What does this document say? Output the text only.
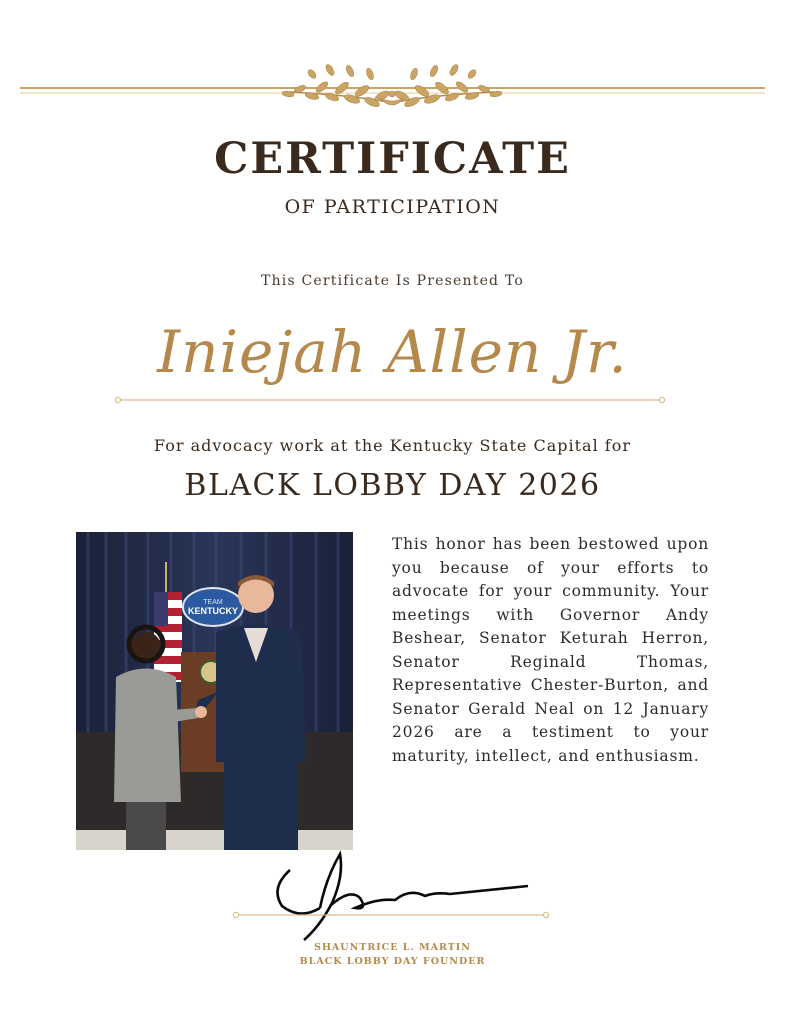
CERTIFICATE
OF PARTICIPATION
This Certificate Is Presented To
Iniejah Allen Jr.
For advocacy work at the Kentucky State Capital for
BLACK LOBBY DAY 2026
TEAM
KENTUCKY
This honor has been bestowed upon you because of your efforts to advocate for your community. Your meetings with Governor Andy Beshear, Senator Keturah Herron, Senator Reginald Thomas, Representative Chester-Burton, and Senator Gerald Neal on 12 January 2026 are a testiment to your maturity, intellect, and enthusiasm.
SHAUNTRICE L. MARTIN
BLACK LOBBY DAY FOUNDER
